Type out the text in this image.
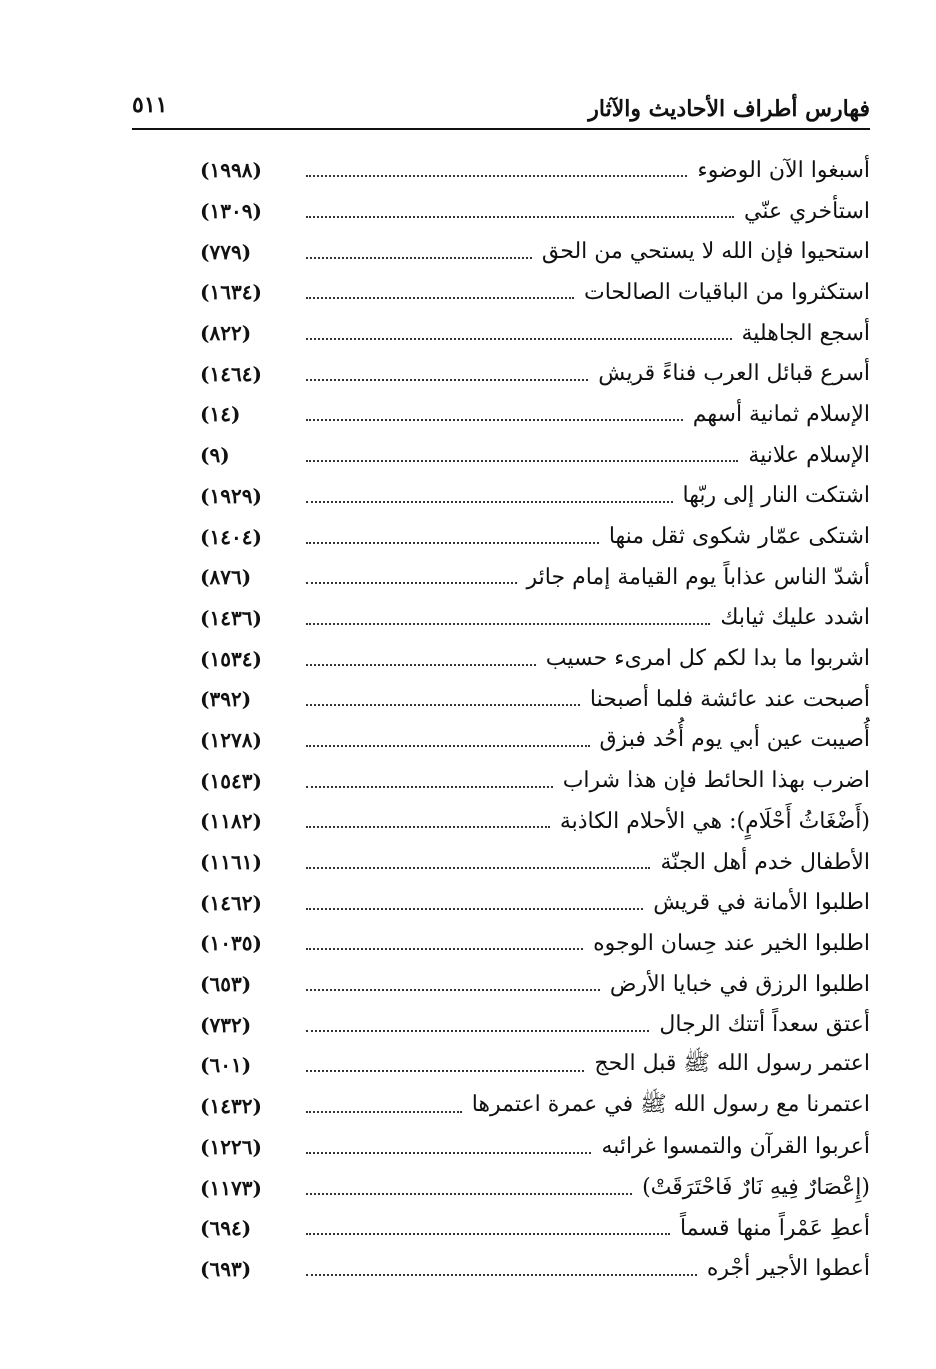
فهارس أطراف الأحاديث والآثار
٥١١
أسبغوا الآن الوضوء
(١٩٩٨)
استأخري عنّي
(١٣٠٩)
استحيوا فإن الله لا يستحي من الحق
(٧٧٩)
استكثروا من الباقيات الصالحات
(١٦٣٤)
أسجع الجاهلية
(٨٢٢)
أسرع قبائل العرب فناءً قريش
(١٤٦٤)
الإسلام ثمانية أسهم
(١٤)
الإسلام علانية
(٩)
اشتكت النار إلى ربّها
(١٩٢٩)
اشتكى عمّار شكوى ثقل منها
(١٤٠٤)
أشدّ الناس عذاباً يوم القيامة إمام جائر
(٨٧٦)
اشدد عليك ثيابك
(١٤٣٦)
اشربوا ما بدا لكم كل امرىء حسيب
(١٥٣٤)
أصبحت عند عائشة فلما أصبحنا
(٣٩٢)
أُصيبت عين أبي يوم أُحُد فبزق
(١٢٧٨)
اضرب بهذا الحائط فإن هذا شراب
(١٥٤٣)
(أَضْغَاثُ أَحْلَامٍ): هي الأحلام الكاذبة
(١١٨٢)
الأطفال خدم أهل الجنّة
(١١٦١)
اطلبوا الأمانة في قريش
(١٤٦٢)
اطلبوا الخير عند حِسان الوجوه
(١٠٣٥)
اطلبوا الرزق في خبايا الأرض
(٦٥٣)
أعتق سعداً أتتك الرجال
(٧٣٢)
اعتمر رسول الله ﷺ قبل الحج
(٦٠١)
اعتمرنا مع رسول الله ﷺ في عمرة اعتمرها
(١٤٣٢)
أعربوا القرآن والتمسوا غرائبه
(١٢٢٦)
(إِعْصَارٌ فِيهِ نَارٌ فَاحْتَرَقَتْ)
(١١٧٣)
أعطِ عَمْراً منها قسماً
(٦٩٤)
أعطوا الأجير أجْره
(٦٩٣)
